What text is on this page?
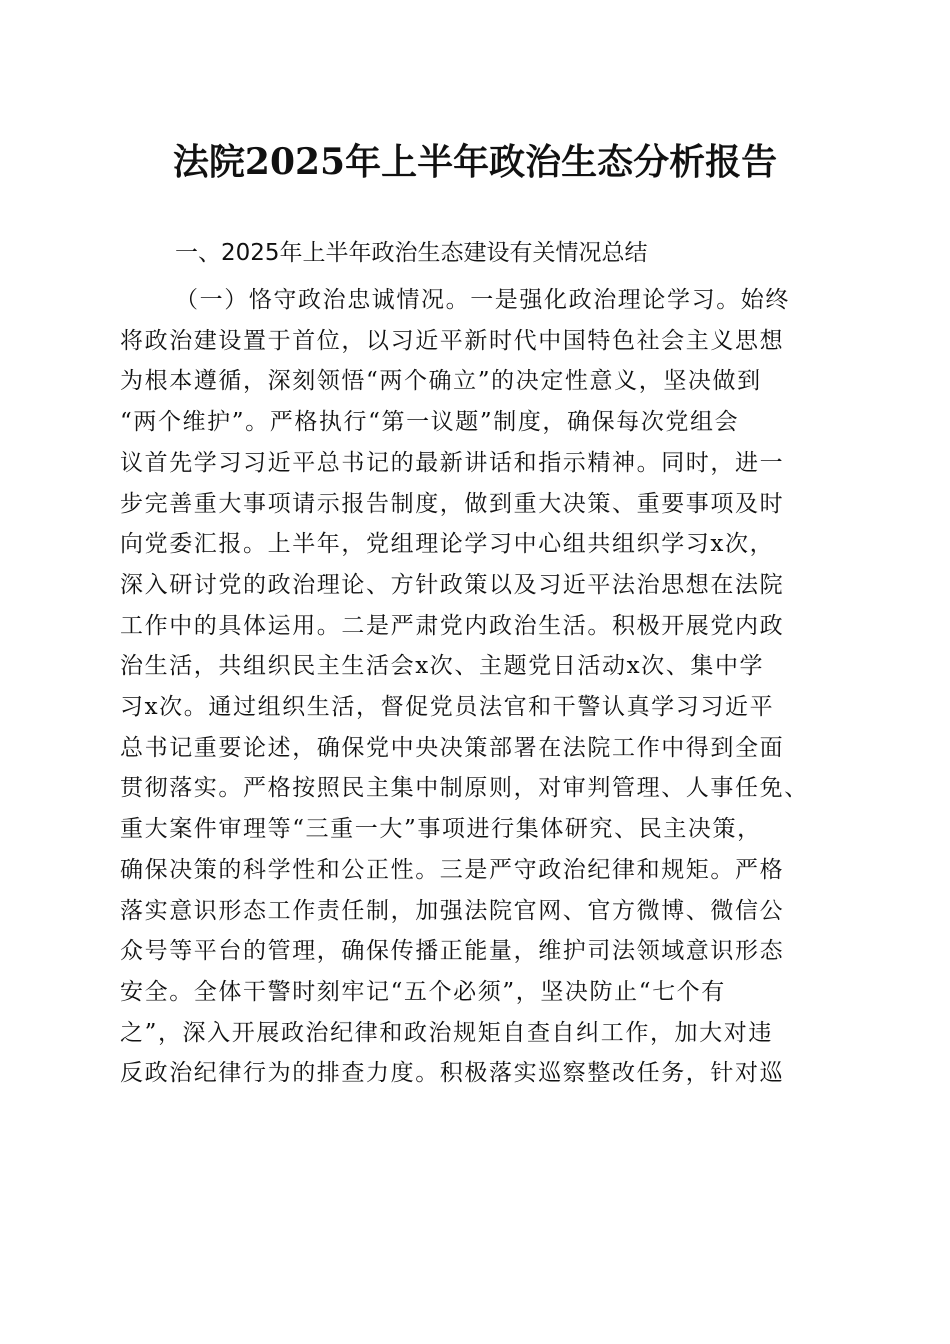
法院2025年上半年政治生态分析报告
一、2025年上半年政治生态建设有关情况总结
（一）恪守政治忠诚情况。一是强化政治理论学习。始终
将政治建设置于首位，以习近平新时代中国特色社会主义思想
为根本遵循，深刻领悟“两个确立”的决定性意义，坚决做到
“两个维护”。严格执行“第一议题”制度，确保每次党组会
议首先学习习近平总书记的最新讲话和指示精神。同时，进一
步完善重大事项请示报告制度，做到重大决策、重要事项及时
向党委汇报。上半年，党组理论学习中心组共组织学习x次，
深入研讨党的政治理论、方针政策以及习近平法治思想在法院
工作中的具体运用。二是严肃党内政治生活。积极开展党内政
治生活，共组织民主生活会x次、主题党日活动x次、集中学
习x次。通过组织生活，督促党员法官和干警认真学习习近平
总书记重要论述，确保党中央决策部署在法院工作中得到全面
贯彻落实。严格按照民主集中制原则，对审判管理、人事任免、
重大案件审理等“三重一大”事项进行集体研究、民主决策，
确保决策的科学性和公正性。三是严守政治纪律和规矩。严格
落实意识形态工作责任制，加强法院官网、官方微博、微信公
众号等平台的管理，确保传播正能量，维护司法领域意识形态
安全。全体干警时刻牢记“五个必须”，坚决防止“七个有
之”，深入开展政治纪律和政治规矩自查自纠工作，加大对违
反政治纪律行为的排查力度。积极落实巡察整改任务，针对巡
